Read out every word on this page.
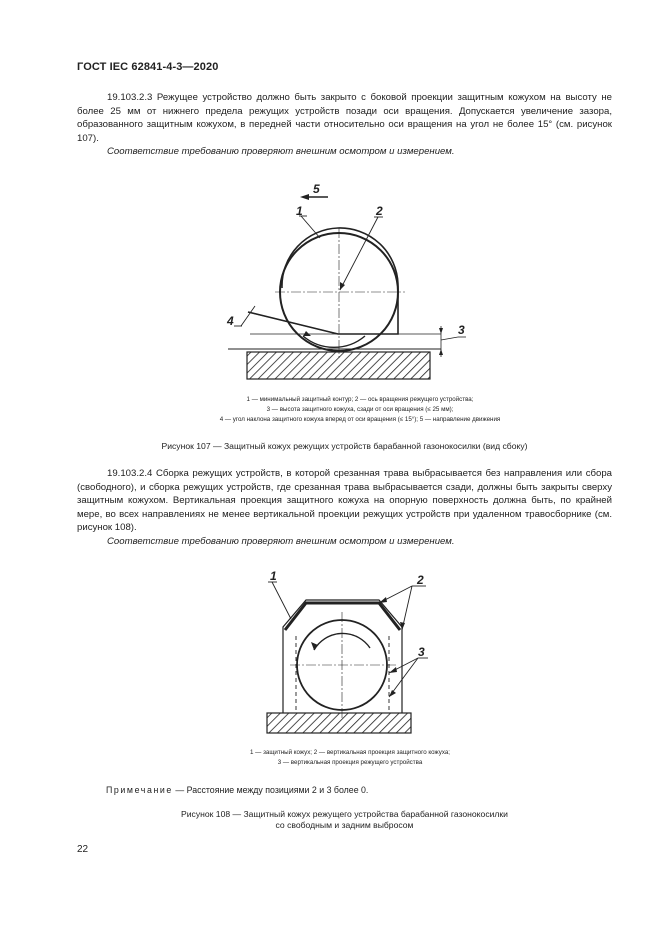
ГОСТ IEC 62841-4-3—2020

19.103.2.3 Режущее устройство должно быть закрыто с боковой проекции защитным кожухом на высоту не более 25 мм от нижнего предела режущих устройств позади оси вращения. Допускается увеличение зазора, образованного защитным кожухом, в передней части относительно оси вращения на угол не более 15° (см. рисунок 107).

Соответствие требованию проверяют внешним осмотром и измерением.

1	2
3
4
5
1 — минимальный защитный контур; 2 — ось вращения режущего устройства;
3 — высота защитного кожуха, сзади от оси вращения (≤ 25 мм);
4 — угол наклона защитного кожуха вперед от оси вращения (≤ 15°); 5 — направление движения
Рисунок 107 — Защитный кожух режущих устройств барабанной газонокосилки (вид сбоку)

19.103.2.4 Сборка режущих устройств, в которой срезанная трава выбрасывается без направления или сбора (свободного), и сборка режущих устройств, где срезанная трава выбрасывается сзади, должны быть закрыты сверху защитным кожухом. Вертикальная проекция защитного кожуха на опорную поверхность должна быть, по крайней мере, во всех направлениях не менее вертикальной проекции режущих устройств при удаленном травосборнике (см. рисунок 108).

Соответствие требованию проверяют внешним осмотром и измерением.

1	2
3
1 — защитный кожух; 2 — вертикальная проекция защитного кожуха;
3 — вертикальная проекция режущего устройства
Примечание — Расстояние между позициями 2 и 3 более 0.
Рисунок 108 — Защитный кожух режущего устройства барабанной газонокосилки
со свободным и задним выбросом
22
